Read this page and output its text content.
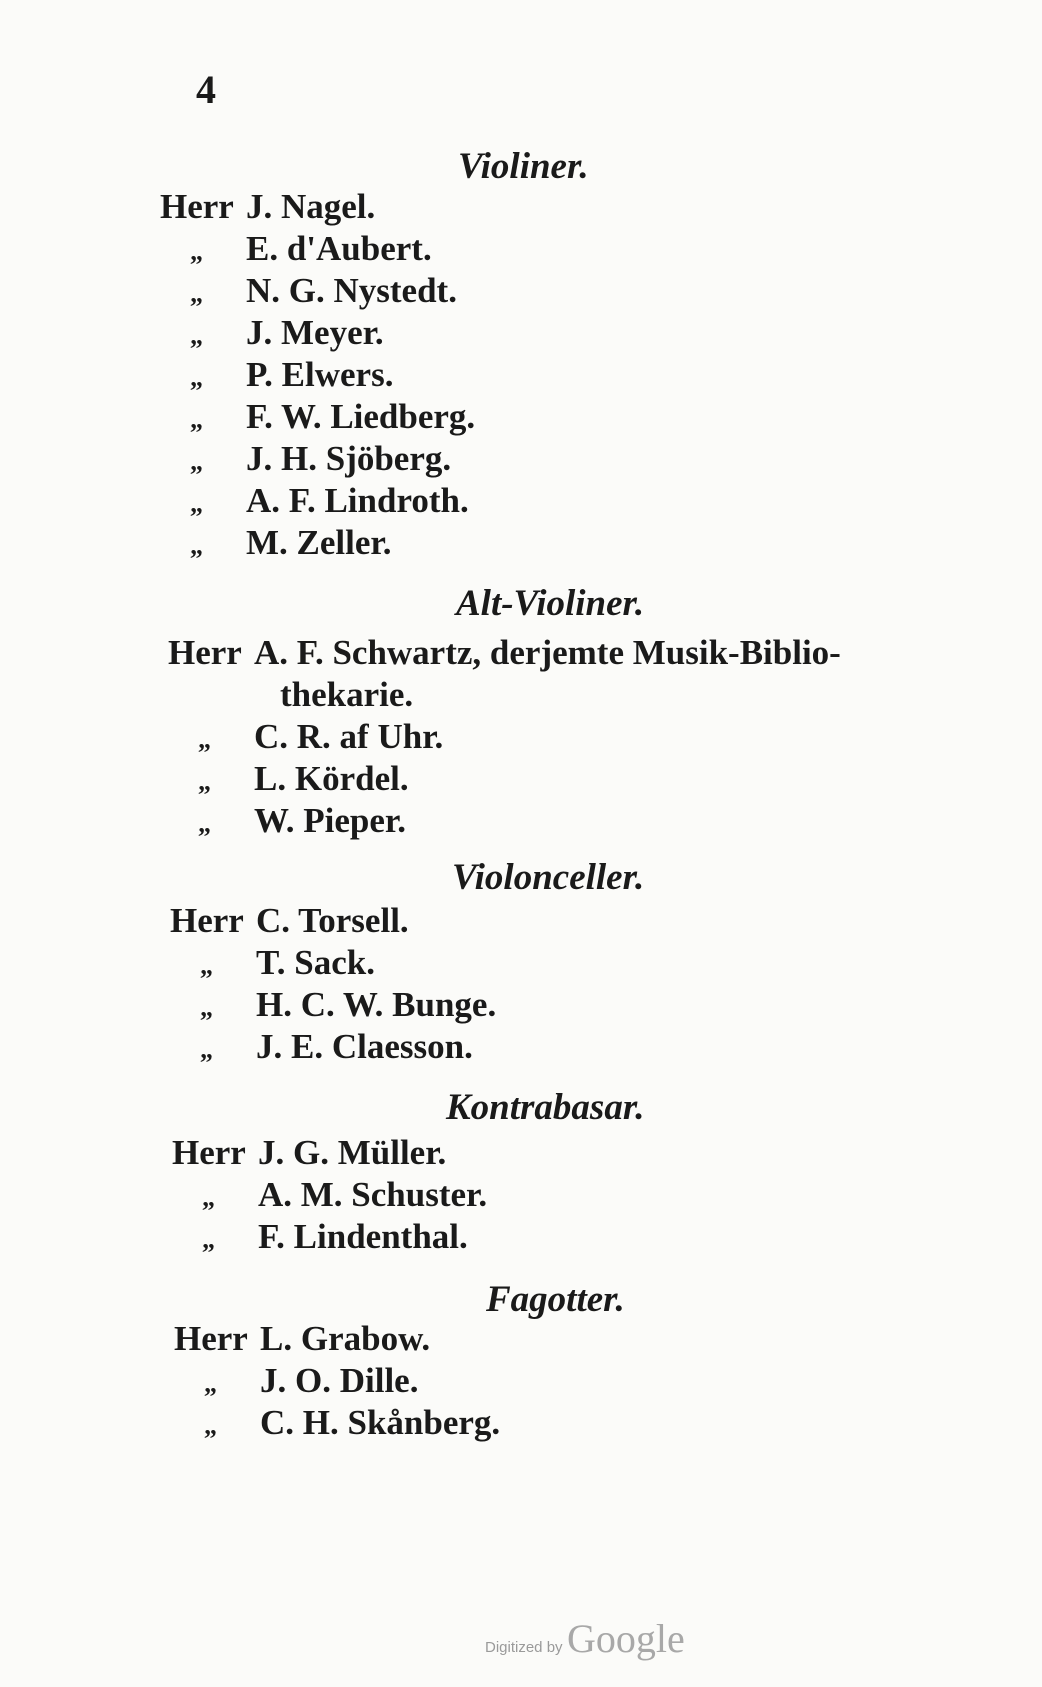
4
Violiner.
Herr J. Nagel.
„ E. d'Aubert.
„ N. G. Nystedt.
„ J. Meyer.
„ P. Elwers.
„ F. W. Liedberg.
„ J. H. Sjöberg.
„ A. F. Lindroth.
„ M. Zeller.
Alt-Violiner.
Herr A. F. Schwartz, derjemte Musik-Biblio-
thekarie.
„ C. R. af Uhr.
„ L. Kördel.
„ W. Pieper.
Violonceller.
Herr C. Torsell.
„ T. Sack.
„ H. C. W. Bunge.
„ J. E. Claesson.
Kontrabasar.
Herr J. G. Müller.
„ A. M. Schuster.
„ F. Lindenthal.
Fagotter.
Herr L. Grabow.
„ J. O. Dille.
„ C. H. Skånberg.
Digitized by Google
